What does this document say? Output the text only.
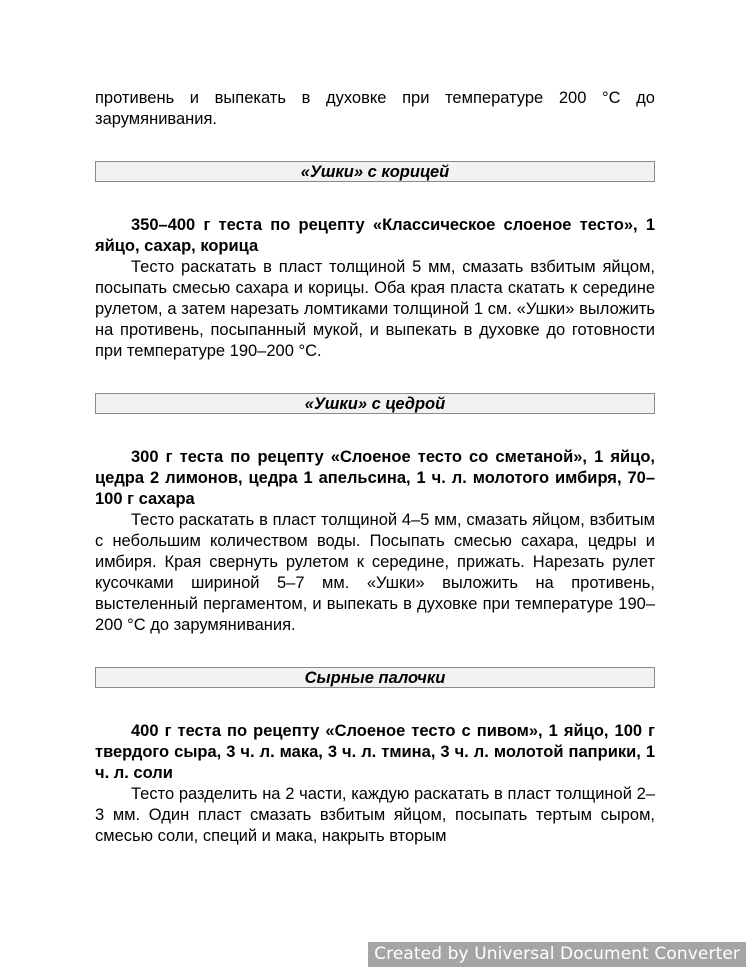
противень и выпекать в духовке при температуре 200 °С до зарумянивания.

«Ушки» с корицей

350–400 г теста по рецепту «Классическое слоеное тесто», 1 яйцо, сахар, корица

Тесто раскатать в пласт толщиной 5 мм, смазать взбитым яйцом, посыпать смесью сахара и корицы. Оба края пласта скатать к середине рулетом, а затем нарезать ломтиками толщиной 1 см. «Ушки» выложить на противень, посыпанный мукой, и выпекать в духовке до готовности при температуре 190–200 °С.

«Ушки» с цедрой

300 г теста по рецепту «Слоеное тесто со сметаной», 1 яйцо, цедра 2 лимонов, цедра 1 апельсина, 1 ч. л. молотого имбиря, 70–100 г сахара

Тесто раскатать в пласт толщиной 4–5 мм, смазать яйцом, взбитым с небольшим количеством воды. Посыпать смесью сахара, цедры и имбиря. Края свернуть рулетом к середине, прижать. Нарезать рулет кусочками шириной 5–7 мм. «Ушки» выложить на противень, выстеленный пергаментом, и выпекать в духовке при температуре 190–200 °С до зарумянивания.

Сырные палочки

400 г теста по рецепту «Слоеное тесто с пивом», 1 яйцо, 100 г твердого сыра, 3 ч. л. мака, 3 ч. л. тмина, 3 ч. л. молотой паприки, 1 ч. л. соли

Тесто разделить на 2 части, каждую раскатать в пласт толщиной 2–3 мм. Один пласт смазать взбитым яйцом, посыпать тертым сыром, смесью соли, специй и мака, накрыть вторым

Created by Universal Document Converter
